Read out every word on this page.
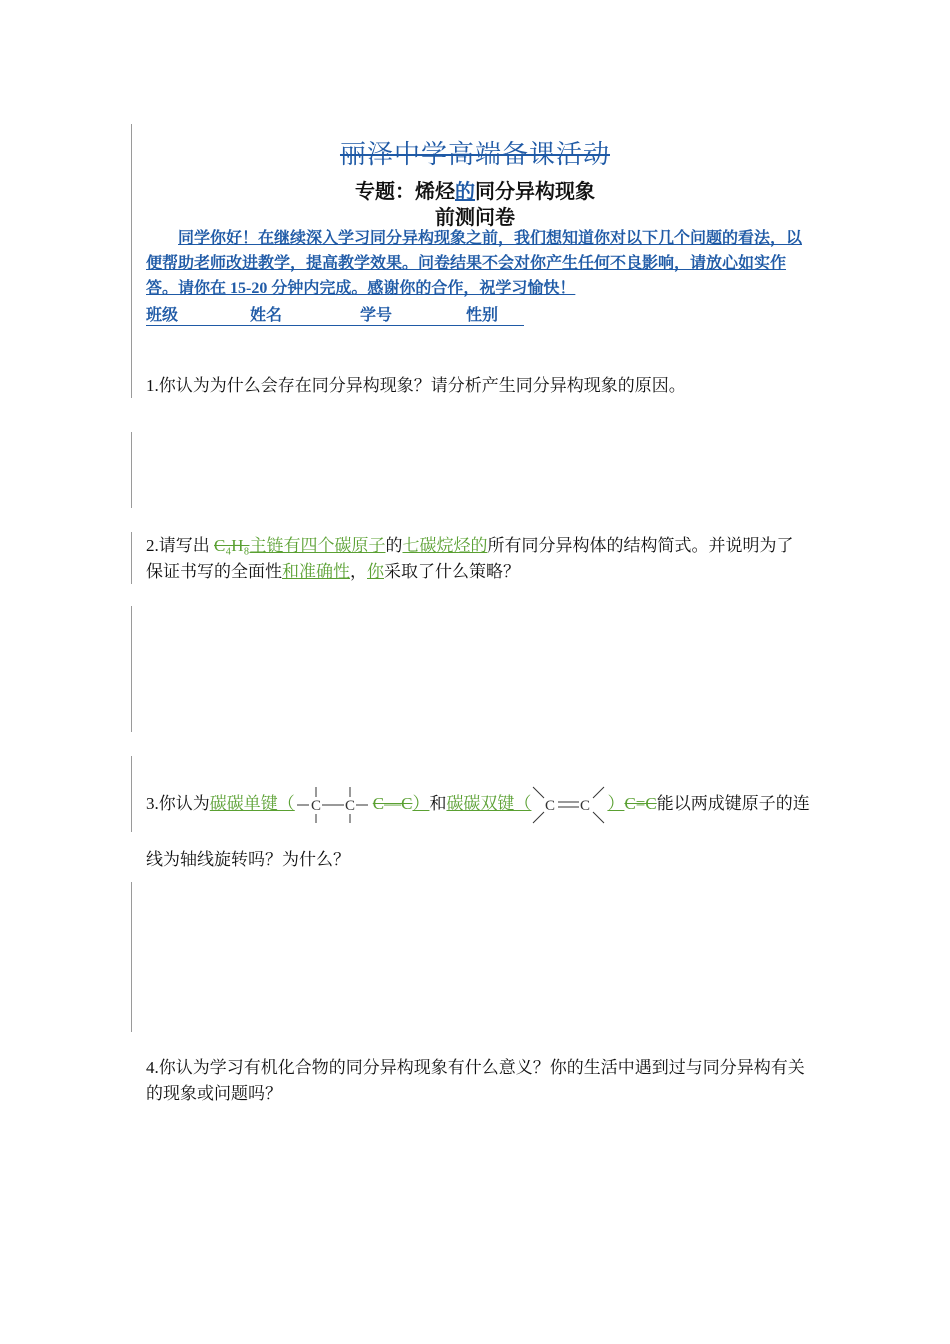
丽泽中学高端备课活动
专题：烯烃的同分异构现象
前测问卷
同学你好！在继续深入学习同分异构现象之前，我们想知道你对以下几个问题的看法，以便帮助老师改进教学，提高教学效果。问卷结果不会对你产生任何不良影响，请放心如实作答。请你在 15-20 分钟内完成。感谢你的合作，祝学习愉快！
班级	姓名	学号	性别
1.你认为为什么会存在同分异构现象？请分析产生同分异构现象的原因。
2.请写出 C₄H₈主链有四个碳原子的七碳烷烃的所有同分异构体的结构简式。并说明为了保证书写的全面性和准确性，你采取了什么策略？
3.你认为碳碳单键（ C C C—C）和碳碳双键（ C C ）C=C能以两成键原子的连线为轴线旋转吗？为什么？
4.你认为学习有机化合物的同分异构现象有什么意义？你的生活中遇到过与同分异构有关的现象或问题吗？
